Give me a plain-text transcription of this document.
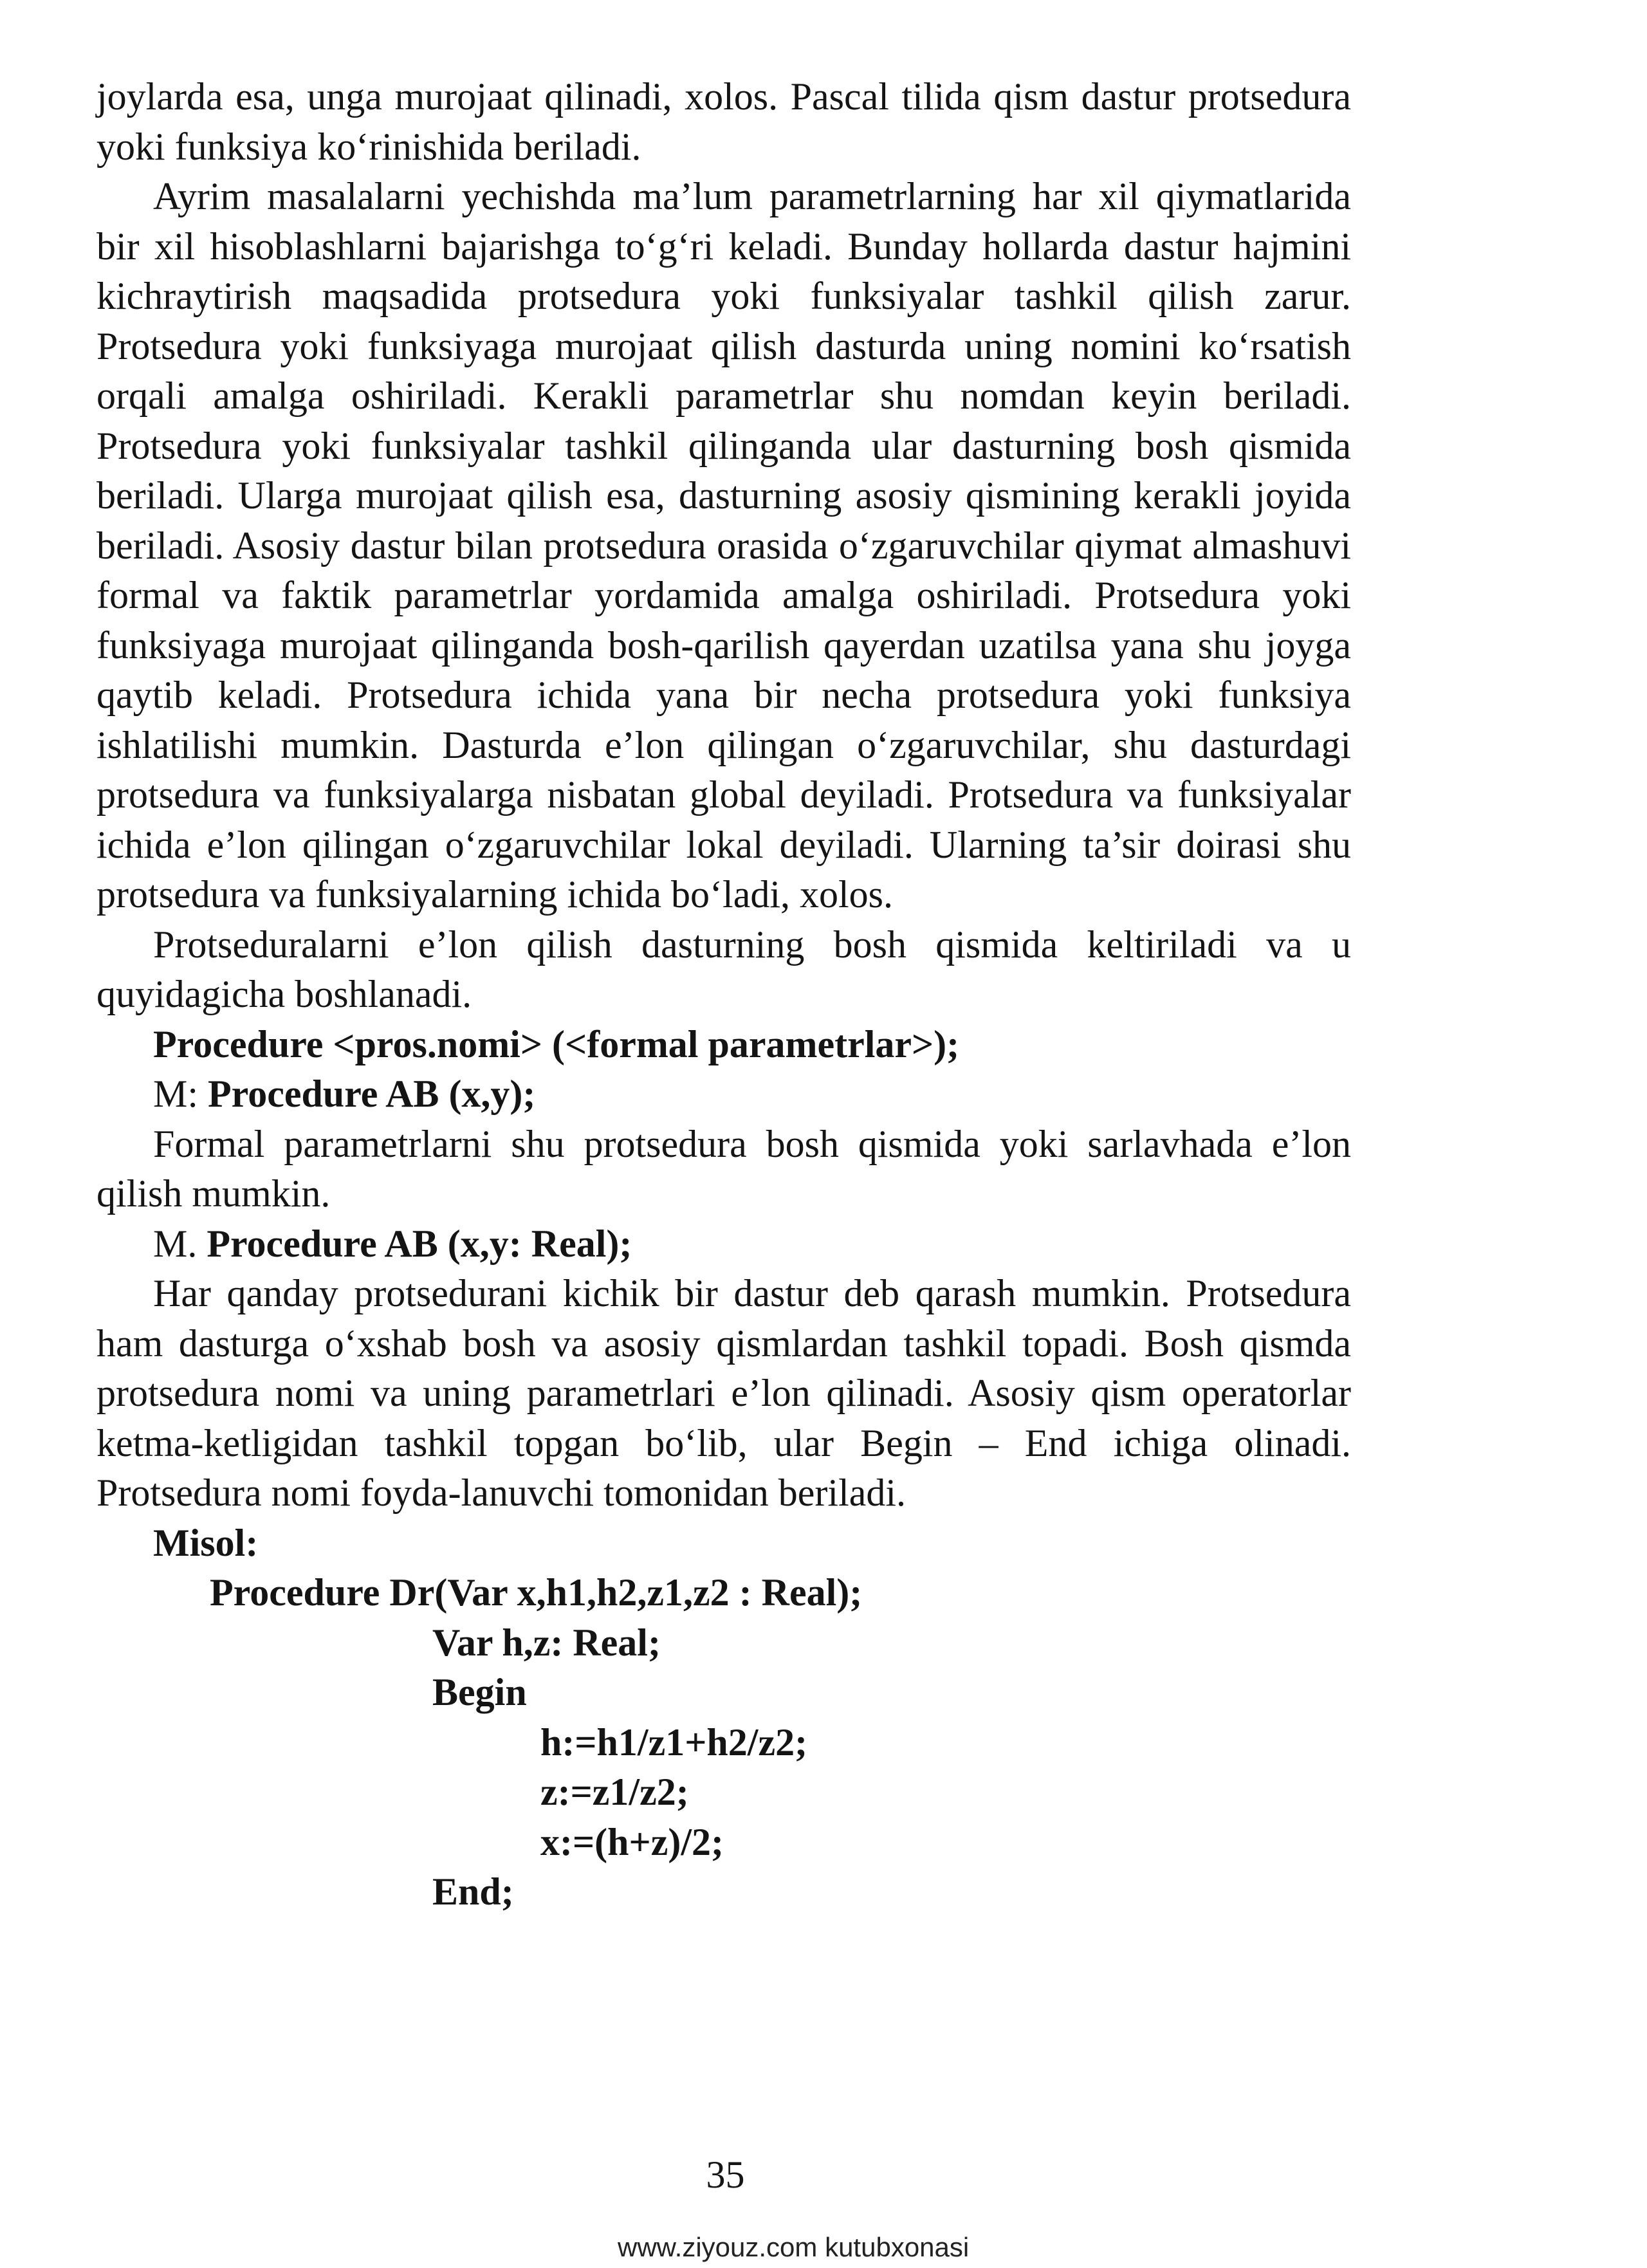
joylarda esa, unga murojaat qilinadi, xolos. Pascal tilida qism dastur protsedura yoki funksiya ko‘rinishida beriladi.

Ayrim masalalarni yechishda ma’lum parametrlarning har xil qiymatlarida bir xil hisoblashlarni bajarishga to‘g‘ri keladi. Bunday hollarda dastur hajmini kichraytirish maqsadida protsedura yoki funksiyalar tashkil qilish zarur. Protsedura yoki funksiyaga murojaat qilish dasturda uning nomini ko‘rsatish orqali amalga oshiriladi. Kerakli parametrlar shu nomdan keyin beriladi. Protsedura yoki funksiyalar tashkil qilinganda ular dasturning bosh qismida beriladi. Ularga murojaat qilish esa, dasturning asosiy qismining kerakli joyida beriladi. Asosiy dastur bilan protsedura orasida o‘zgaruvchilar qiymat almashuvi formal va faktik parametrlar yordamida amalga oshiriladi. Protsedura yoki funksiyaga murojaat qilinganda bosh-qarilish qayerdan uzatilsa yana shu joyga qaytib keladi. Protsedura ichida yana bir necha protsedura yoki funksiya ishlatilishi mumkin. Dasturda e’lon qilingan o‘zgaruvchilar, shu dasturdagi protsedura va funksiyalarga nisbatan global deyiladi. Protsedura va funksiyalar ichida e’lon qilingan o‘zgaruvchilar lokal deyiladi. Ularning ta’sir doirasi shu protsedura va funksiyalarning ichida bo‘ladi, xolos.

Protseduralarni e’lon qilish dasturning bosh qismida keltiriladi va u quyidagicha boshlanadi.

Procedure <pros.nomi> (<formal parametrlar>);

M: Procedure AB (x,y);

Formal parametrlarni shu protsedura bosh qismida yoki sarlavhada e’lon qilish mumkin.

M. Procedure AB (x,y: Real);

Har qanday protsedurani kichik bir dastur deb qarash mumkin. Protsedura ham dasturga o‘xshab bosh va asosiy qismlardan tashkil topadi. Bosh qismda protsedura nomi va uning parametrlari e’lon qilinadi. Asosiy qism operatorlar ketma-ketligidan tashkil topgan bo‘lib, ular Begin – End ichiga olinadi. Protsedura nomi foyda-lanuvchi tomonidan beriladi.

Misol:

Procedure Dr(Var x,h1,h2,z1,z2 : Real);

Var h,z: Real;

Begin

h:=h1/z1+h2/z2;

z:=z1/z2;

x:=(h+z)/2;

End;

35
www.ziyouz.com kutubxonasi
